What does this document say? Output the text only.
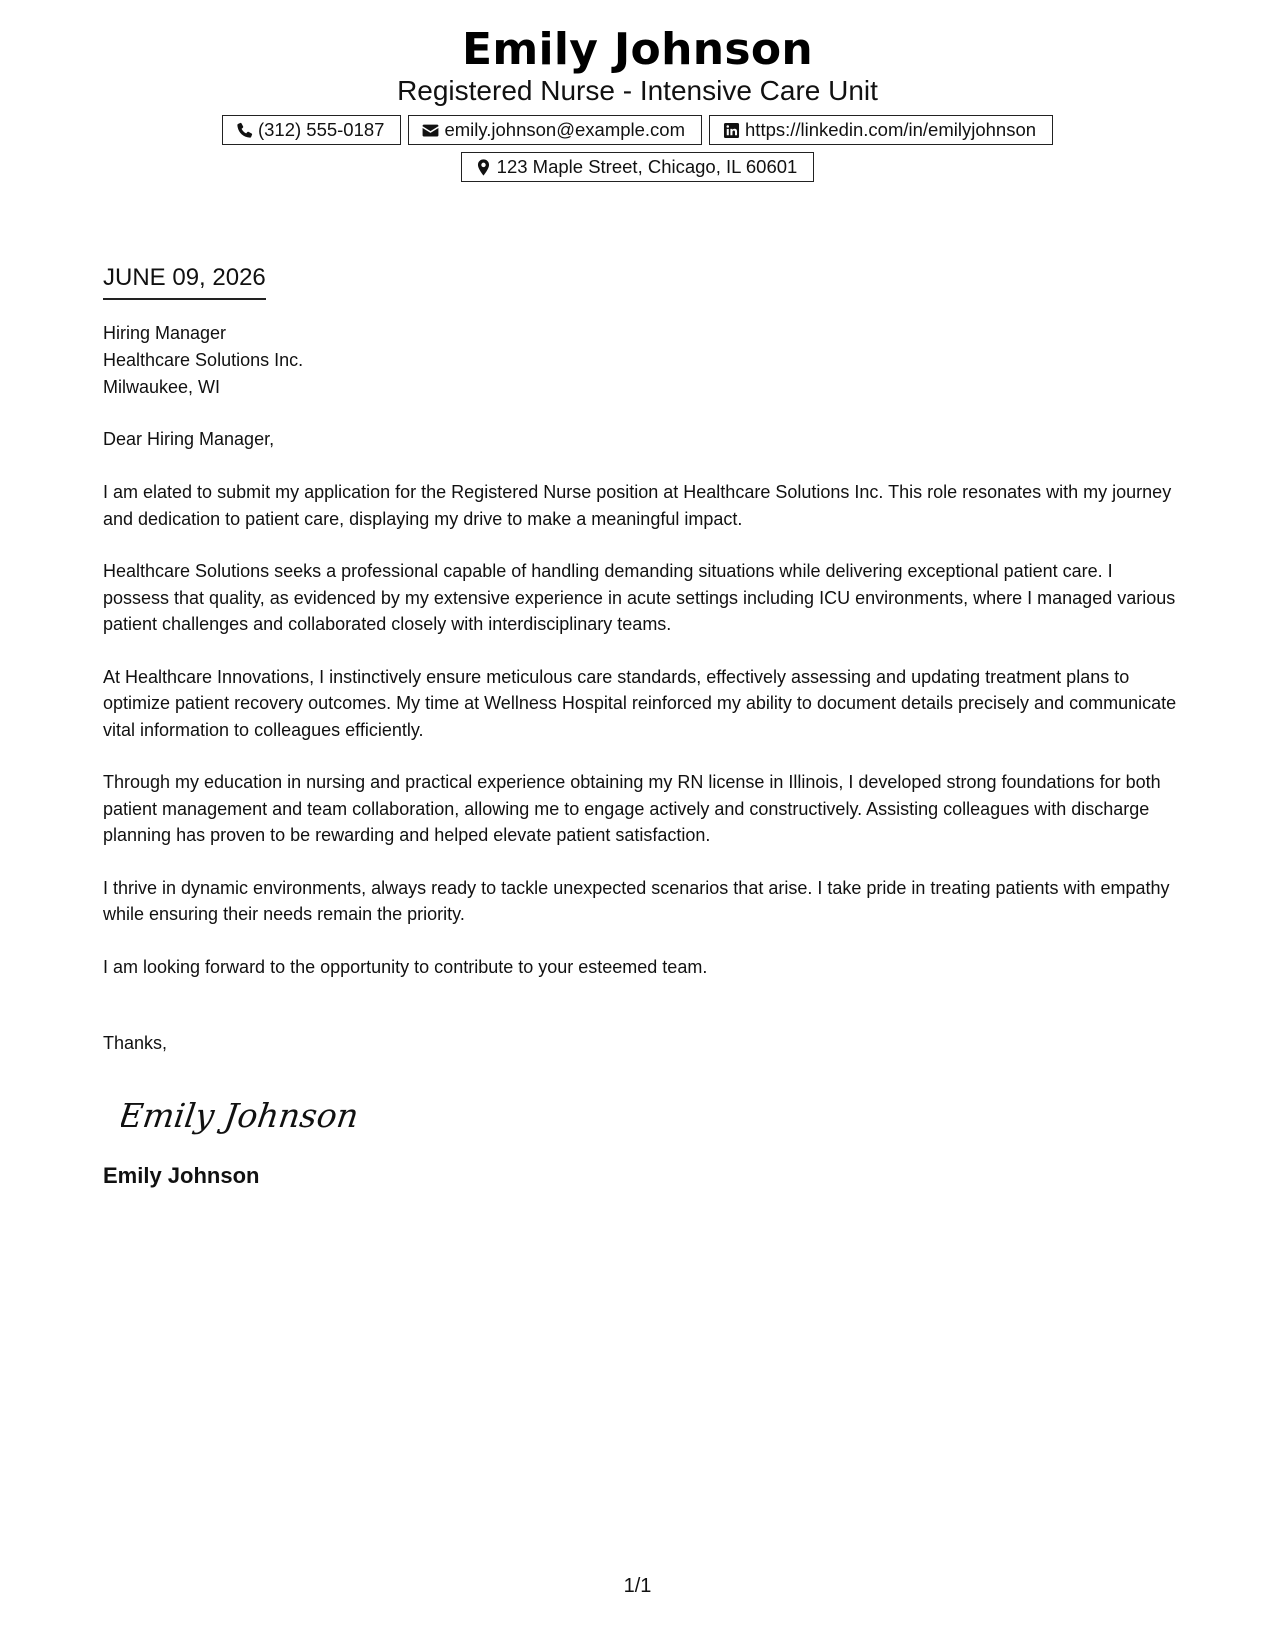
Emily Johnson
Registered Nurse - Intensive Care Unit
(312) 555-0187	emily.johnson@example.com	https://linkedin.com/in/emilyjohnson
123 Maple Street, Chicago, IL 60601
JUNE 09, 2026
Hiring Manager
Healthcare Solutions Inc.
Milwaukee, WI
Dear Hiring Manager,
I am elated to submit my application for the Registered Nurse position at Healthcare Solutions Inc. This role resonates with my journey and dedication to patient care, displaying my drive to make a meaningful impact.
Healthcare Solutions seeks a professional capable of handling demanding situations while delivering exceptional patient care. I possess that quality, as evidenced by my extensive experience in acute settings including ICU environments, where I managed various patient challenges and collaborated closely with interdisciplinary teams.
At Healthcare Innovations, I instinctively ensure meticulous care standards, effectively assessing and updating treatment plans to optimize patient recovery outcomes. My time at Wellness Hospital reinforced my ability to document details precisely and communicate vital information to colleagues efficiently.
Through my education in nursing and practical experience obtaining my RN license in Illinois, I developed strong foundations for both patient management and team collaboration, allowing me to engage actively and constructively. Assisting colleagues with discharge planning has proven to be rewarding and helped elevate patient satisfaction.
I thrive in dynamic environments, always ready to tackle unexpected scenarios that arise. I take pride in treating patients with empathy while ensuring their needs remain the priority.
I am looking forward to the opportunity to contribute to your esteemed team.
Thanks,
Emily Johnson
Emily Johnson
1/1
